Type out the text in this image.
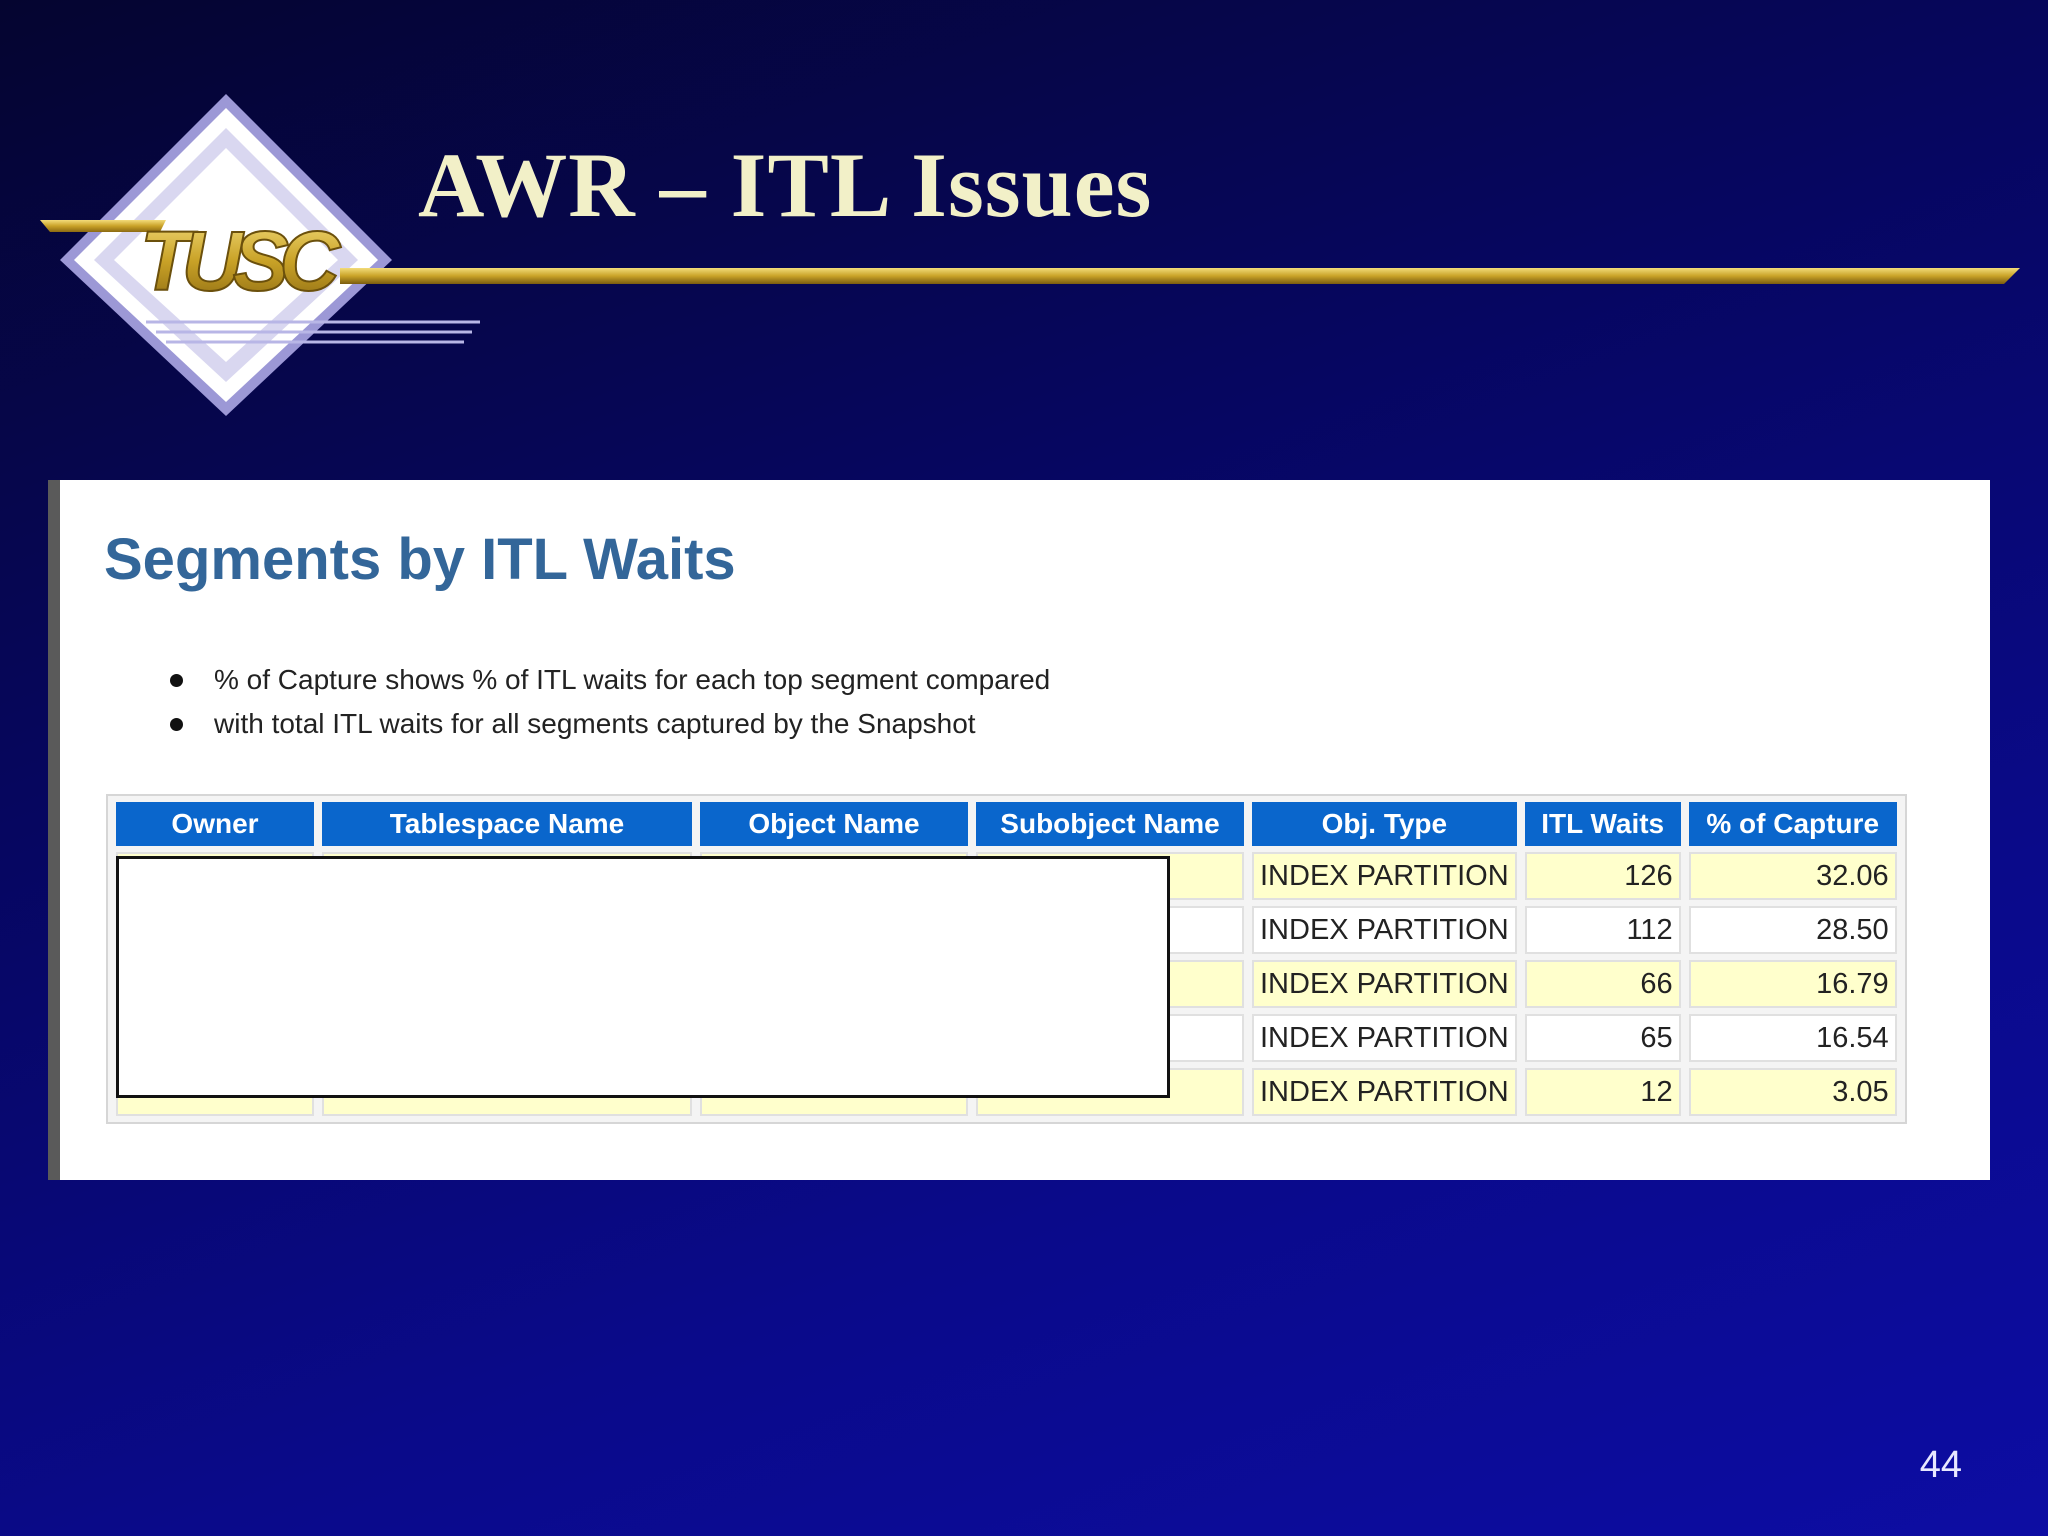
TUSC
AWR – ITL Issues
Segments by ITL Waits
% of Capture shows % of ITL waits for each top segment compared
with total ITL waits for all segments captured by the Snapshot
Owner	Tablespace Name	Object Name	Subobject Name	Obj. Type	ITL Waits	% of Capture
				INDEX PARTITION	126	32.06
				INDEX PARTITION	112	28.50
				INDEX PARTITION	66	16.79
				INDEX PARTITION	65	16.54
				INDEX PARTITION	12	3.05
44
